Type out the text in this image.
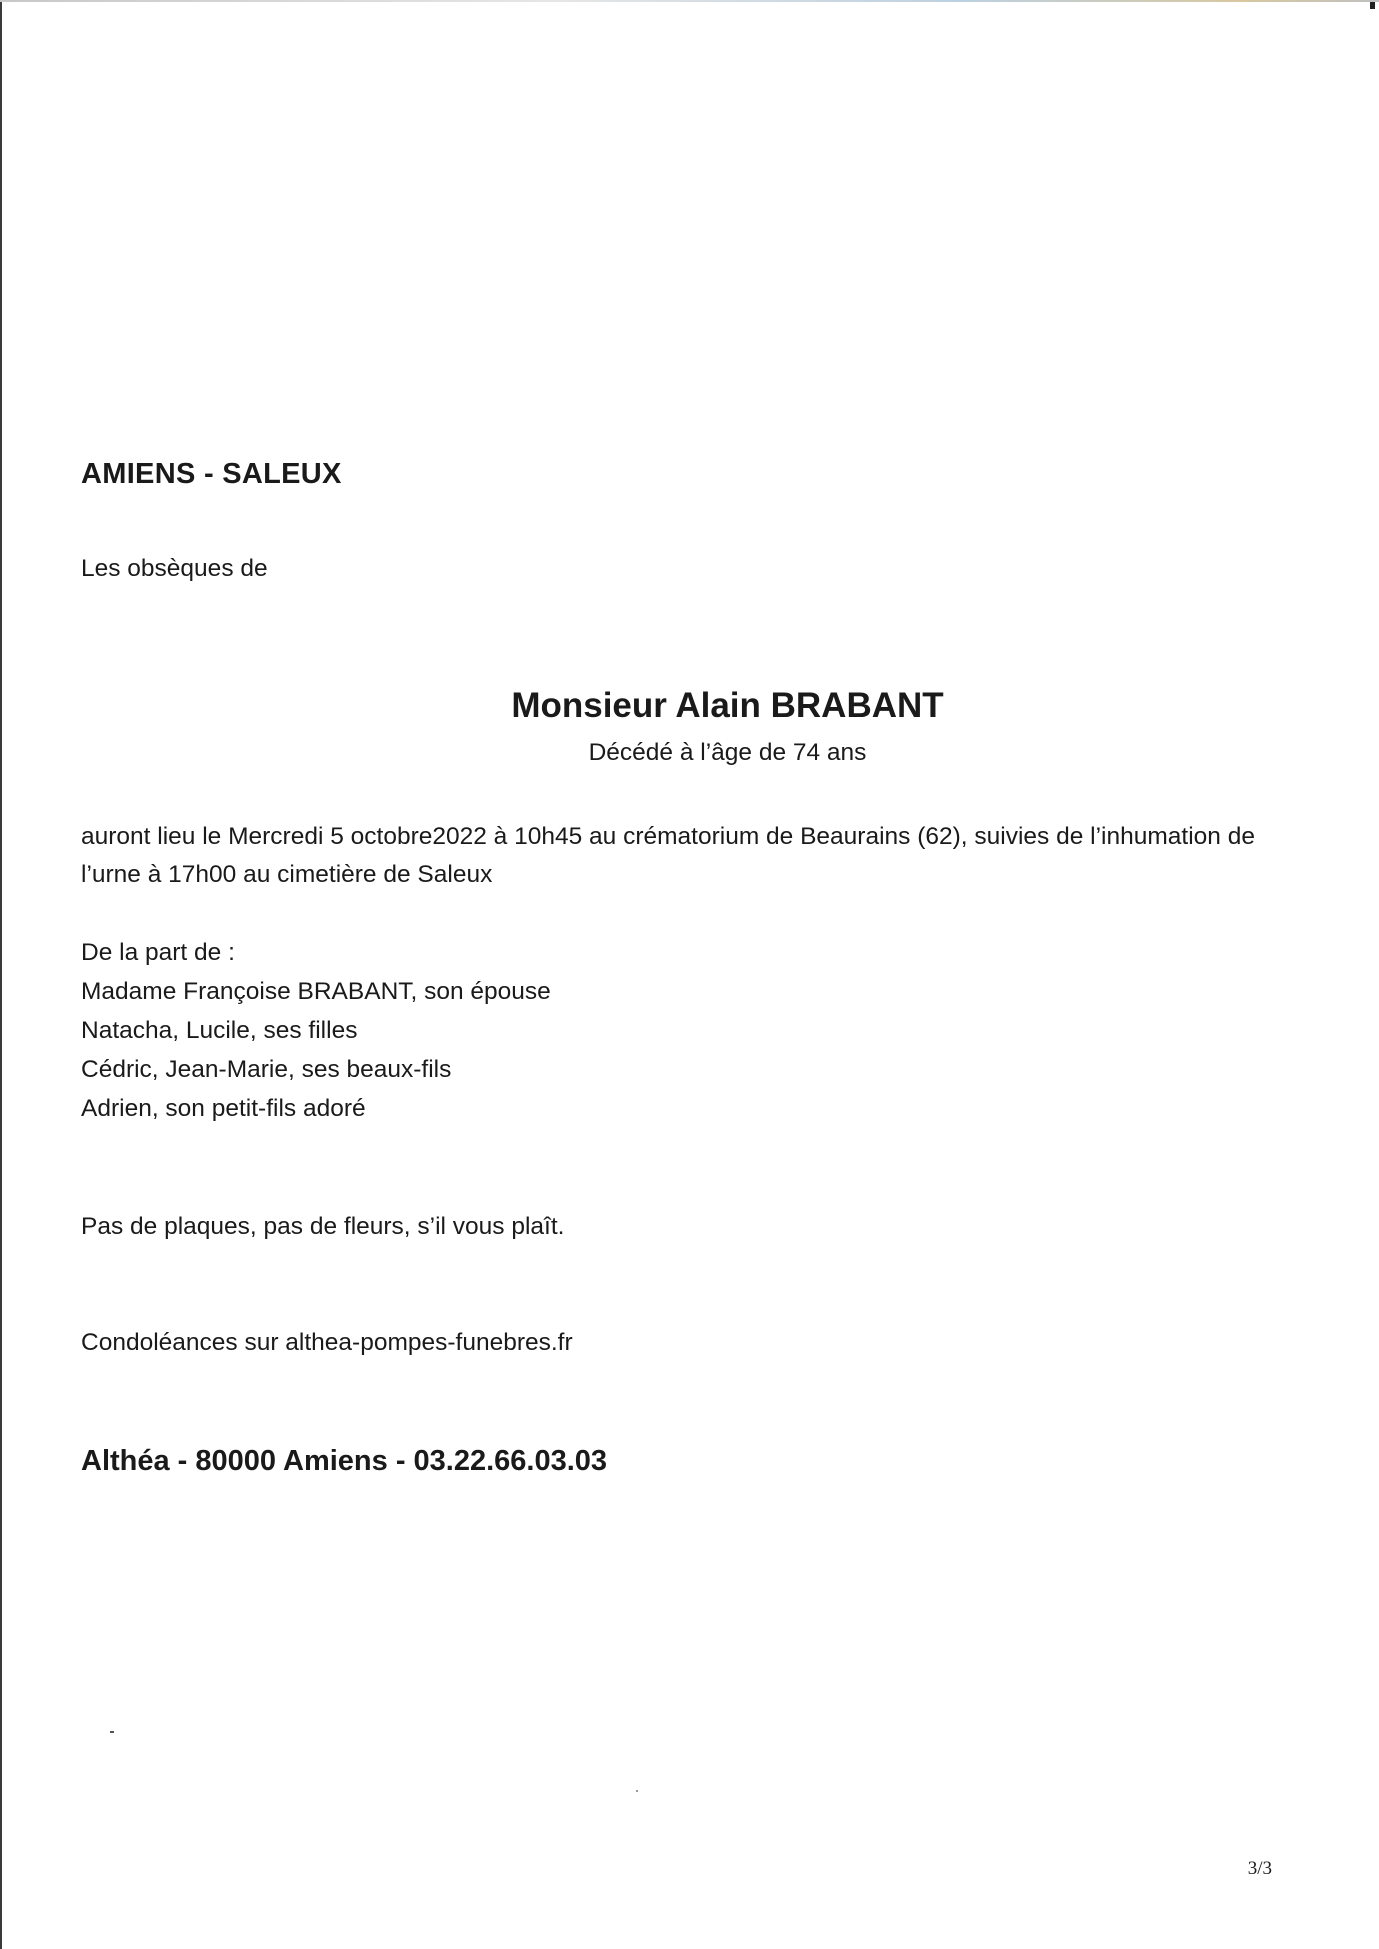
AMIENS - SALEUX

Les obsèques de

Monsieur Alain BRABANT

Décédé à l’âge de 74 ans

auront lieu le Mercredi 5 octobre2022 à 10h45 au crématorium de Beaurains (62), suivies de l’inhumation de l’urne à 17h00 au cimetière de Saleux

De la part de :
Madame Françoise BRABANT, son épouse
Natacha, Lucile, ses filles
Cédric, Jean-Marie, ses beaux-fils
Adrien, son petit-fils adoré

Pas de plaques, pas de fleurs, s’il vous plaît.

Condoléances sur althea-pompes-funebres.fr

Althéa - 80000 Amiens - 03.22.66.03.03

3/3
